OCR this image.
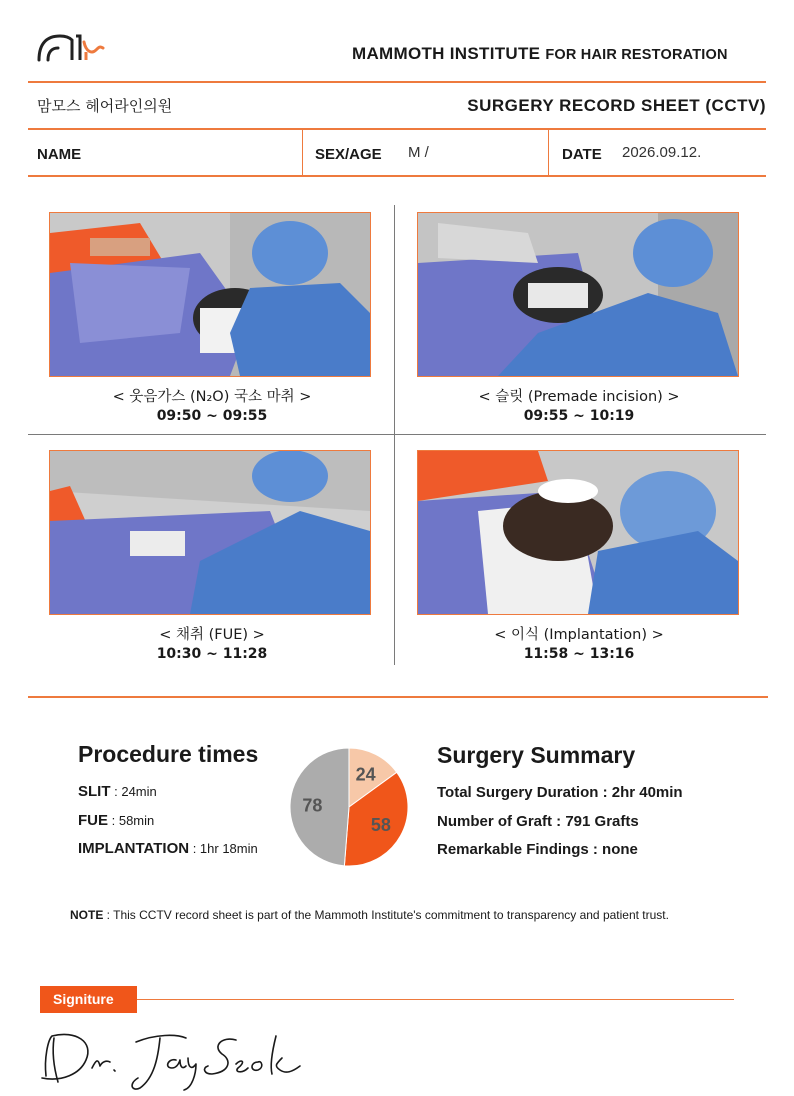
MAMMOTH INSTITUTE FOR HAIR RESTORATION
맘모스 헤어라인의원	SURGERY RECORD SHEET (CCTV)
NAME	SEX/AGE M /	DATE 2026.09.12.
< 웃음가스 (N₂O) 국소 마취 >
09:50 ~ 09:55
< 슬릿 (Premade incision) >
09:55 ~ 10:19
< 채취 (FUE) >
10:30 ~ 11:28
< 이식 (Implantation) >
11:58 ~ 13:16
Procedure times
SLIT : 24min
FUE : 58min
IMPLANTATION : 1hr 18min
24
58
78
Surgery Summary
Total Surgery Duration : 2hr 40min
Number of Graft : 791 Grafts
Remarkable Findings : none
NOTE : This CCTV record sheet is part of the Mammoth Institute's commitment to transparency and patient trust.
Signiture
